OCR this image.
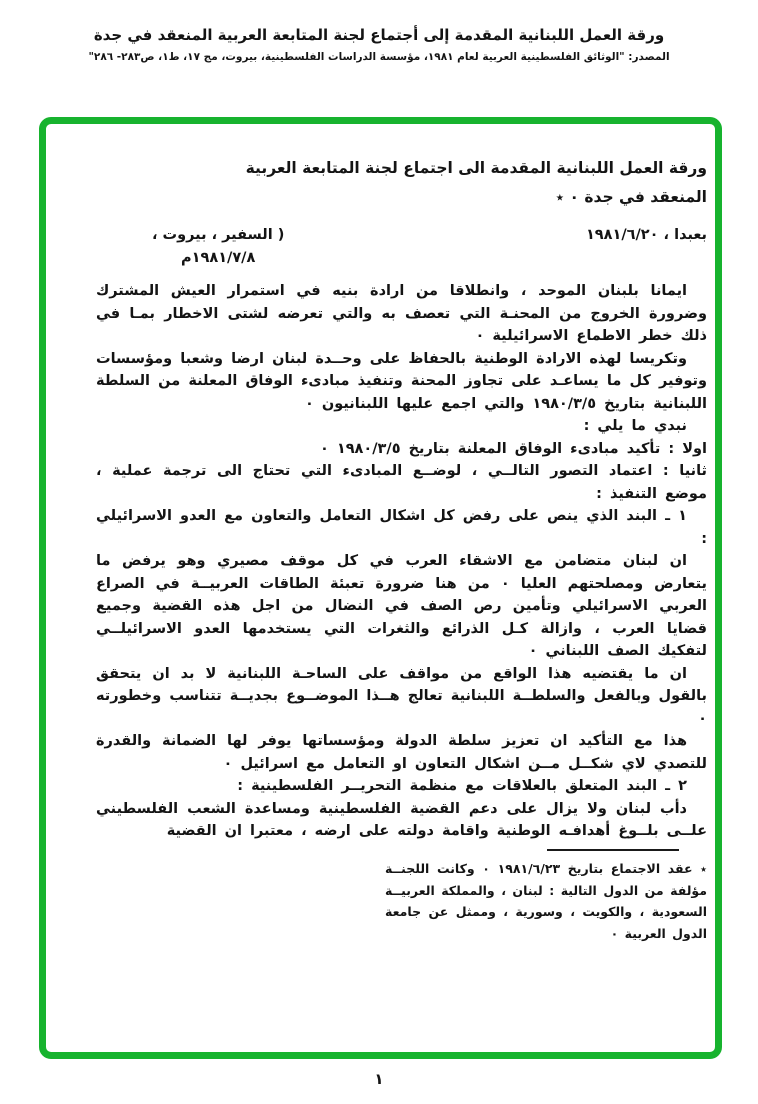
ورقة العمل اللبنانية المقدمة إلى أجتماع لجنة المتابعة العربية المنعقد في جدة
المصدر: "الوثائق الفلسطينية العربية لعام ١٩٨١، مؤسسة الدراسات الفلسطينية، بيروت، مج ١٧، ط١، ص٢٨٣- ٢٨٦"
ورقة العمل اللبنانية المقدمة الى اجتماع لجنة المتابعة العربية المنعقد في جدة ٠ ٭
بعبدا ، ١٩٨١/٦/٢٠
( السفير ، بيروت ،
١٩٨١/٧/٨م

ايمانا بلبنان الموحد ، وانطلاقا من ارادة بنيه في استمرار العيش المشترك وضرورة الخروج من المحنـة التي تعصف به والتي تعرضه لشتى الاخطار بمـا في ذلك خطر الاطماع الاسرائيلية ٠

وتكريسا لهذه الارادة الوطنية بالحفاظ على وحــدة لبنان ارضا وشعبا ومؤسسات وتوفير كل ما يساعـد على تجاوز المحنة وتنفيذ مبادىء الوفاق المعلنة من السلطة اللبنانية بتاريخ ١٩٨٠/٣/٥ والتي اجمع عليها اللبنانيون ٠

نبدي ما يلي :

اولا : تأكيد مبادىء الوفاق المعلنة بتاريخ ١٩٨٠/٣/٥ ٠

ثانيا : اعتماد التصور التالــي ، لوضــع المبادىء التي تحتاج الى ترجمة عملية ، موضع التنفيذ :

١ ـ البند الذي ينص على رفض كل اشكال التعامل والتعاون مع العدو الاسرائيلي :

ان لبنان متضامن مع الاشقاء العرب في كل موقف مصيري وهو يرفض ما يتعارض ومصلحتهم العليا ٠ من هنا ضرورة تعبئة الطاقات العربيــة في الصراع العربي الاسرائيلي وتأمين رص الصف في النضال من اجل هذه القضية وجميع قضايا العرب ، وازالة كـل الذرائع والثغرات التي يستخدمها العدو الاسرائيلــي لتفكيك الصف اللبناني ٠

ان ما يقتضيه هذا الواقع من مواقف على الساحـة اللبنانية لا بد ان يتحقق بالقول وبالفعل والسلطــة اللبنانية تعالج هــذا الموضــوع بجديــة تتناسب وخطورته ٠

هذا مع التأكيد ان تعزيز سلطة الدولة ومؤسساتها يوفر لها الضمانة والقدرة للتصدي لاي شكــل مــن اشكال التعاون او التعامل مع اسرائيل ٠

٢ ـ البند المتعلق بالعلاقات مع منظمة التحريــر الفلسطينية :

دأب لبنان ولا يزال على دعم القضية الفلسطينية ومساعدة الشعب الفلسطيني علــى بلــوغ أهدافـه الوطنية واقامة دولته على ارضه ، معتبرا ان القضية

٭ عقد الاجتماع بتاريخ ١٩٨١/٦/٢٣ ٠ وكانت اللجنــة مؤلفة من الدول التالية : لبنان ، والمملكة العربيــة السعودية ، والكويت ، وسورية ، وممثل عن جامعة الدول العربية ٠
١
